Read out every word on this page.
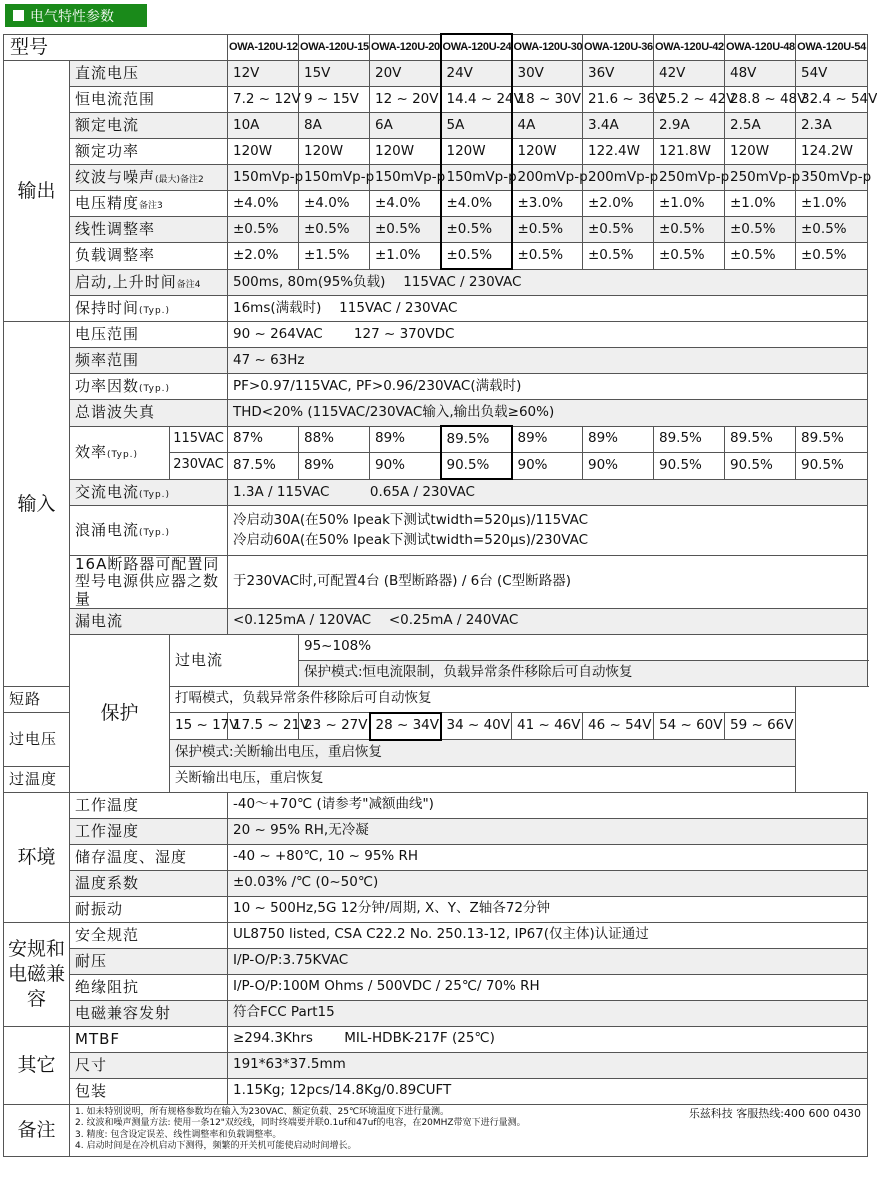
电气特性参数
型号			OWA-120U-12	OWA-120U-15	OWA-120U-20	OWA-120U-24	OWA-120U-30	OWA-120U-36	OWA-120U-42	OWA-120U-48	OWA-120U-54
输出	直流电压		12V	15V	20V	24V	30V	36V	42V	48V	54V
	恒电流范围		7.2 ~ 12V	9 ~ 15V	12 ~ 20V	14.4 ~ 24V	18 ~ 30V	21.6 ~ 36V	25.2 ~ 42V	28.8 ~ 48V	32.4 ~ 54V
	额定电流		10A	8A	6A	5A	4A	3.4A	2.9A	2.5A	2.3A
	额定功率		120W	120W	120W	120W	120W	122.4W	121.8W	120W	124.2W
	纹波与噪声(最大)备注2		150mVp-p	150mVp-p	150mVp-p	150mVp-p	200mVp-p	200mVp-p	250mVp-p	250mVp-p	350mVp-p
	电压精度备注3		±4.0%	±4.0%	±4.0%	±4.0%	±3.0%	±2.0%	±1.0%	±1.0%	±1.0%
	线性调整率		±0.5%	±0.5%	±0.5%	±0.5%	±0.5%	±0.5%	±0.5%	±0.5%	±0.5%
	负载调整率		±2.0%	±1.5%	±1.0%	±0.5%	±0.5%	±0.5%	±0.5%	±0.5%	±0.5%
	启动,上升时间备注4		500ms, 80m(95%负载)　 115VAC / 230VAC								
	保持时间(Typ.)		16ms(满载时)　 115VAC / 230VAC								
输入	电压范围		90 ~ 264VAC　　 127 ~ 370VDC								
	频率范围		47 ~ 63Hz								
	功率因数(Typ.)		PF>0.97/115VAC, PF>0.96/230VAC(满载时)								
	总谐波失真		THD<20% (115VAC/230VAC输入,输出负载≥60%)								
	效率(Typ.)	115VAC	87%	88%	89%	89.5%	89%	89%	89.5%	89.5%	89.5%
		230VAC	87.5%	89%	90%	90.5%	90%	90%	90.5%	90.5%	90.5%
	交流电流(Typ.)		1.3A / 115VAC　　　0.65A / 230VAC								
	浪涌电流(Typ.)		冷启动30A(在50% Ipeak下测试twidth=520μs)/115VAC
冷启动60A(在50% Ipeak下测试twidth=520μs)/230VAC								

	16A断路器可配置同型号电源供应器之数量		于230VAC时,可配置4台 (B型断路器) / 6台 (C型断路器)								
	漏电流		<0.125mA / 120VAC　 <0.25mA / 240VAC								
	保护	过电流		95~108%							
				保护模式:恒电流限制，负载异常条件移除后可自动恢复							
短路		打嗝模式，负载异常条件移除后可自动恢复									
过电压		15 ~ 17V	17.5 ~ 21V	23 ~ 27V	28 ~ 34V	34 ~ 40V	41 ~ 46V	46 ~ 54V	54 ~ 60V	59 ~ 66V	
		保护模式:关断输出电压，重启恢复									
过温度		关断输出电压，重启恢复									
环境	工作温度		-40～+70℃ (请参考"减额曲线")								
	工作湿度		20 ~ 95% RH,无冷凝								
	储存温度、湿度		-40 ~ +80℃, 10 ~ 95% RH								
	温度系数		±0.03% /℃ (0~50℃)								
	耐振动		10 ~ 500Hz,5G 12分钟/周期, X、Y、Z轴各72分钟								
安规和电磁兼容	安全规范		UL8750 listed, CSA C22.2 No. 250.13-12, IP67(仅主体)认证通过								
	耐压		I/P-O/P:3.75KVAC								
	绝缘阻抗		I/P-O/P:100M Ohms / 500VDC / 25℃/ 70% RH								
	电磁兼容发射		符合FCC Part15								
其它	MTBF		≥294.3Khrs　　 MIL-HDBK-217F (25℃)								
	尺寸		191*63*37.5mm								
	包装		1.15Kg; 12pcs/14.8Kg/0.89CUFT								
备注	乐兹科技 客服热线:400 600 0430
1. 如未特别说明，所有规格参数均在输入为230VAC、额定负载、25℃环境温度下进行量测。
2. 纹波和噪声测量方法: 使用一条12"双绞线，同时终端要并联0.1uf和47uf的电容，在20MHZ带宽下进行量测。
3. 精度: 包含设定误差、线性调整率和负载调整率。
4. 启动时间是在冷机启动下测得，频繁的开关机可能使启动时间增长。										
